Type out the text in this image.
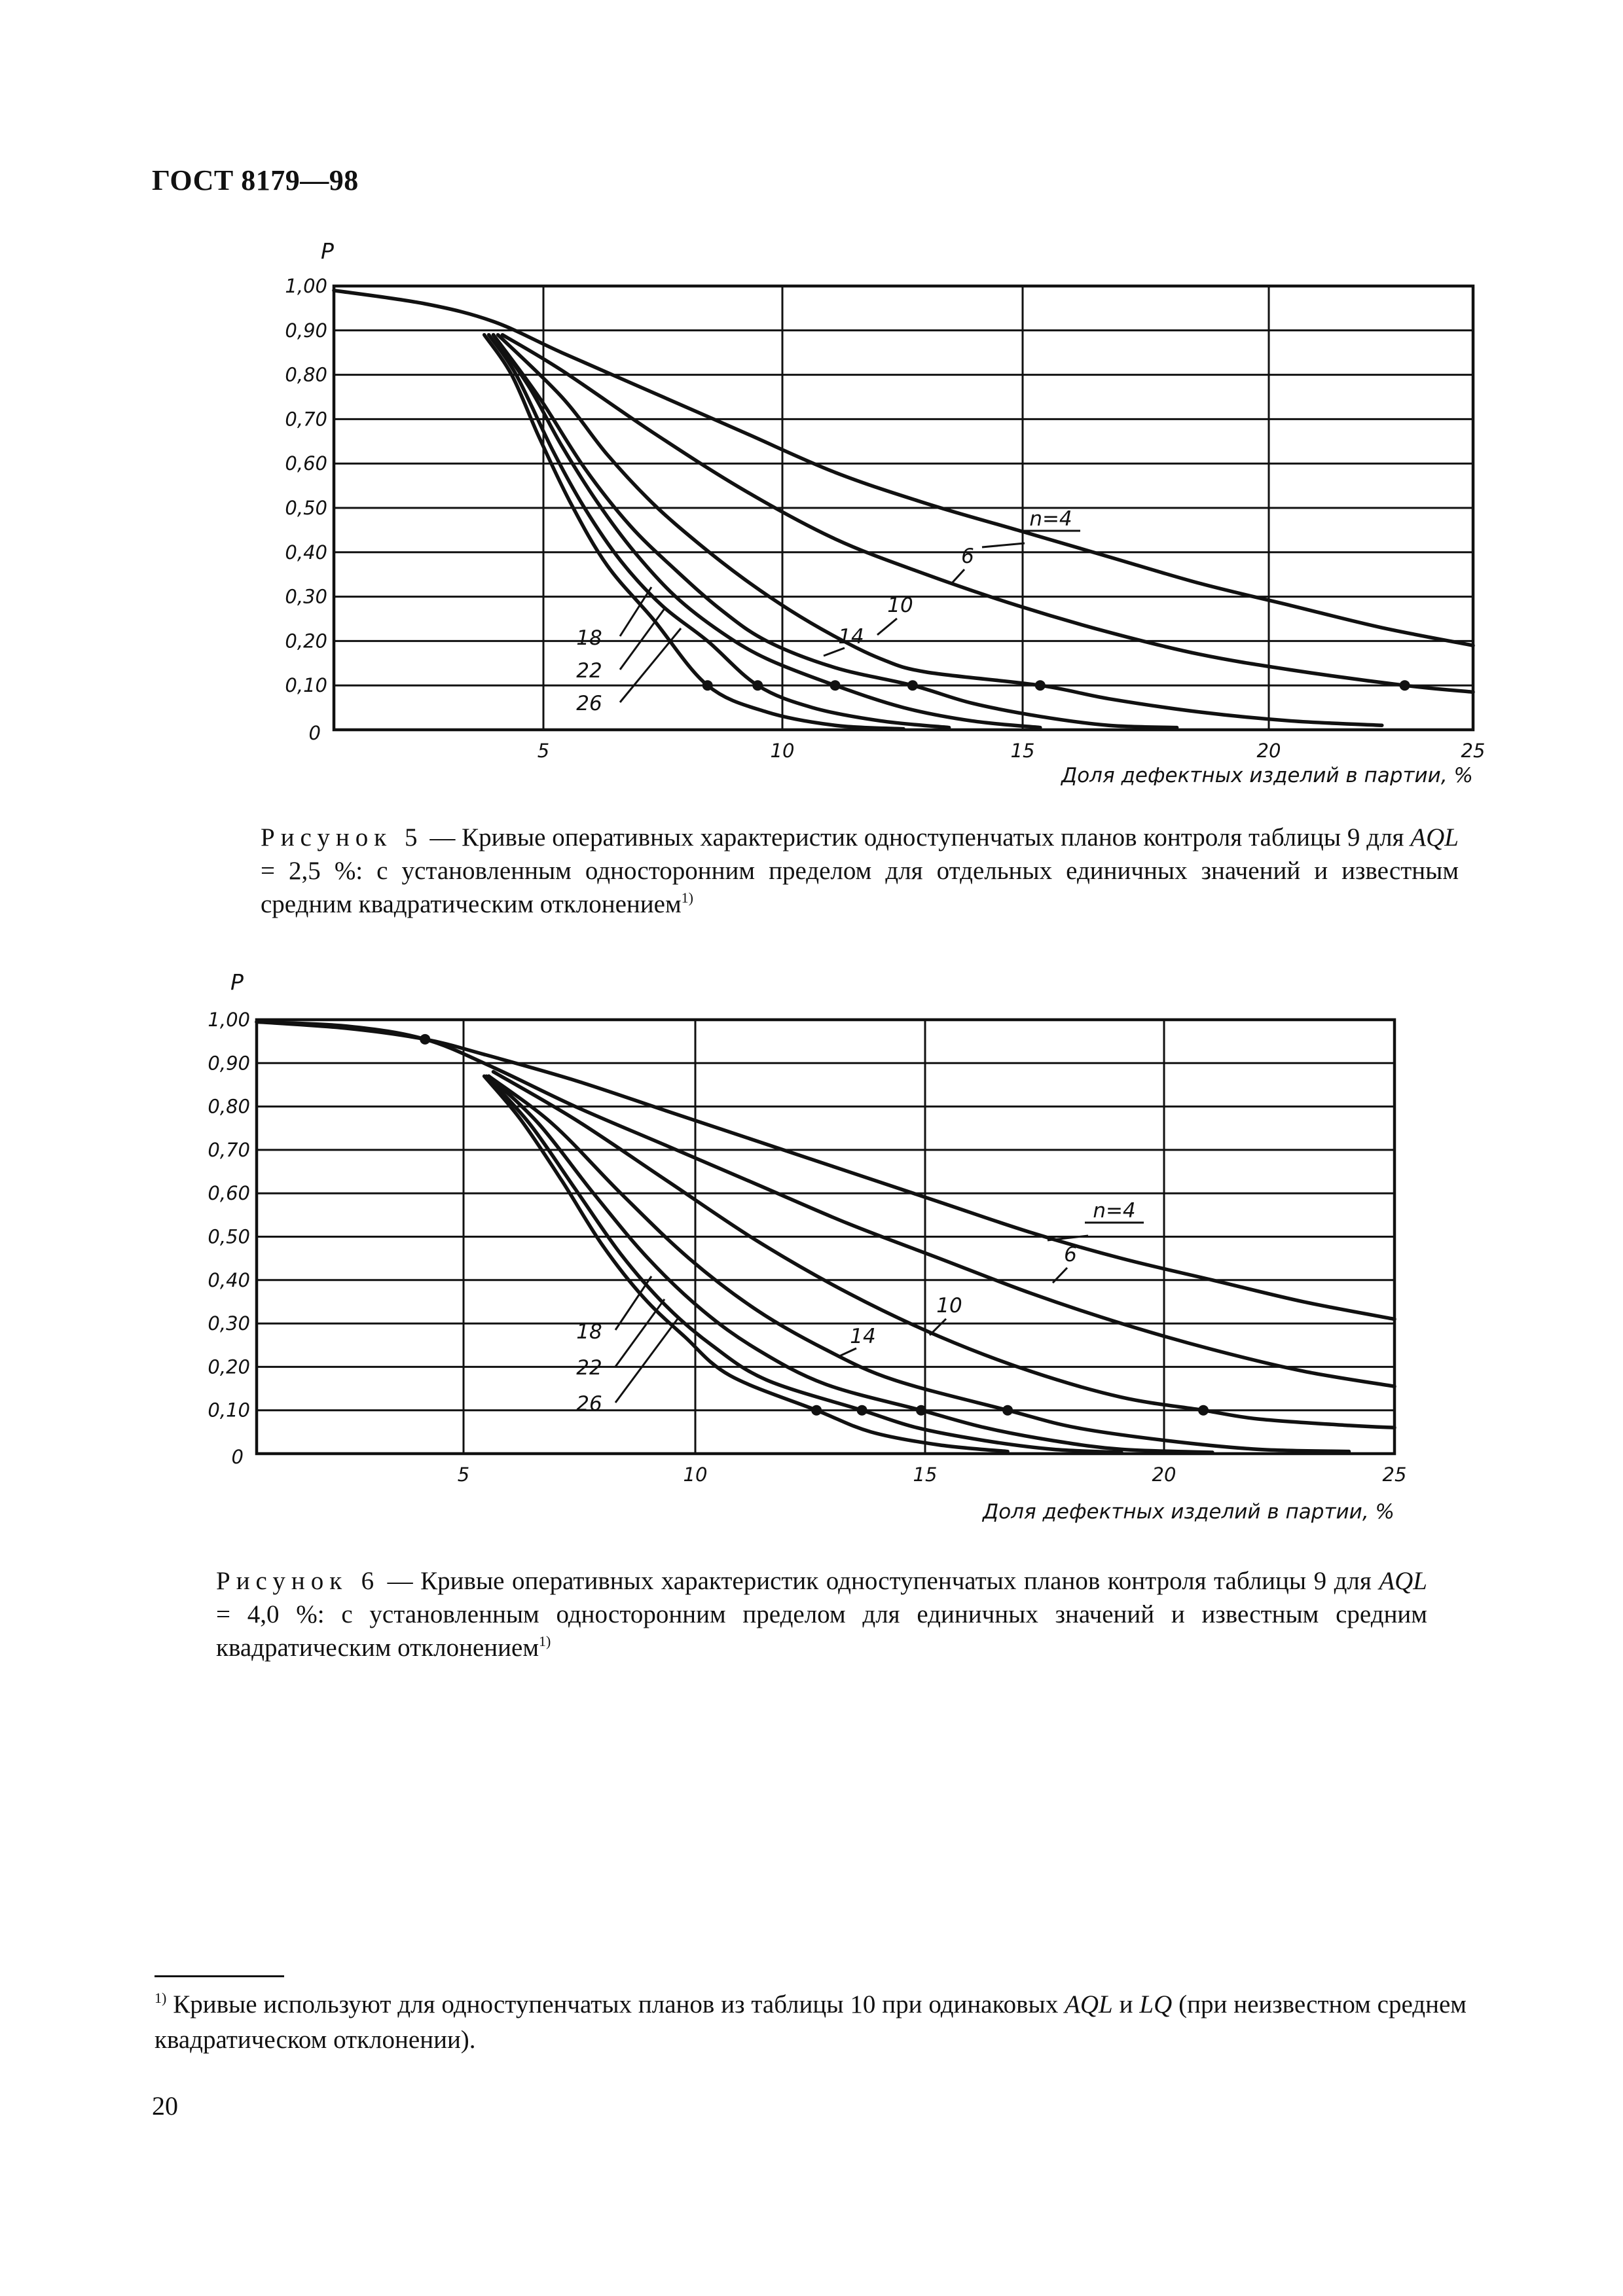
ГОСТ 8179—98
P
0
0,10
0,20
0,30
0,40
0,50
0,60
0,70
0,80
0,90
1,00
5	10	15	20	25
Доля дефектных изделий в партии, %
n=4
6
10
14
18
22
26
Рисунок 5 — Кривые оперативных характеристик одноступенчатых планов контроля таблицы 9 для AQL = 2,5 %: с установленным односторонним пределом для отдельных единичных значений и известным средним квадратическим отклонением$^{1)}$
P
0
0,10
0,20
0,30
0,40
0,50
0,60
0,70
0,80
0,90
1,00
5	10	15	20	25
Доля дефектных изделий в партии, %
n=4
6
10
14
18
22
26
Рисунок 6 — Кривые оперативных характеристик одноступенчатых планов контроля таблицы 9 для AQL = 4,0 %: с установленным односторонним пределом для единичных значений и известным средним квадратическим отклонением$^{1)}$
$^{1)}$ Кривые используют для одноступенчатых планов из таблицы 10 при одинаковых AQL и LQ (при неизвестном среднем квадратическом отклонении).
20
